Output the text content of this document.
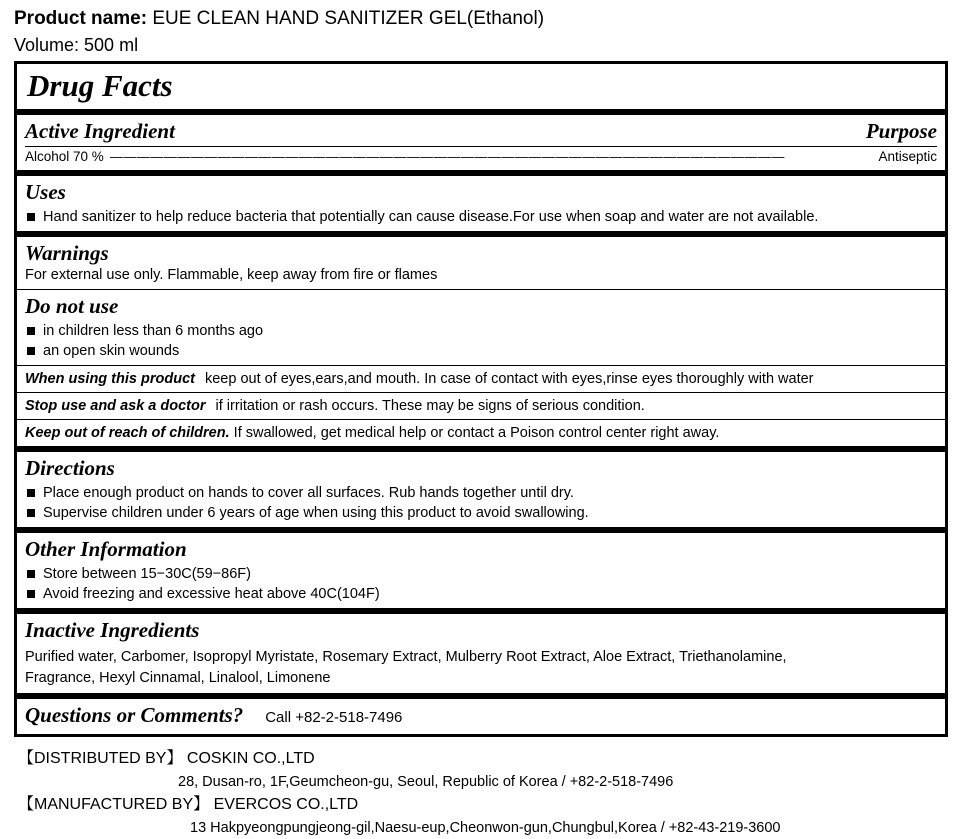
Product name: EUE CLEAN HAND SANITIZER GEL(Ethanol)
Volume: 500 ml
Drug Facts
Active Ingredient	Purpose
Alcohol 70 % ——————————————————————————————————————————————————	Antiseptic
Uses
Hand sanitizer to help reduce bacteria that potentially can cause disease.For use when soap and water are not available.
Warnings
For external use only. Flammable, keep away from fire or flames
Do not use
in children less than 6 months ago
an open skin wounds
When using this product keep out of eyes,ears,and mouth. In case of contact with eyes,rinse eyes thoroughly with water
Stop use and ask a doctor if irritation or rash occurs. These may be signs of serious condition.
Keep out of reach of children. If swallowed, get medical help or contact a Poison control center right away.
Directions
Place enough product on hands to cover all surfaces. Rub hands together until dry.
Supervise children under 6 years of age when using this product to avoid swallowing.
Other Information
Store between 15−30C(59−86F)
Avoid freezing and excessive heat above 40C(104F)
Inactive Ingredients
Purified water, Carbomer, Isopropyl Myristate, Rosemary Extract, Mulberry Root Extract, Aloe Extract, Triethanolamine,
Fragrance, Hexyl Cinnamal, Linalool, Limonene
Questions or Comments? Call +82-2-518-7496
【DISTRIBUTED BY】 COSKIN CO.,LTD
28, Dusan-ro, 1F,Geumcheon-gu, Seoul, Republic of Korea / +82-2-518-7496
【MANUFACTURED BY】 EVERCOS CO.,LTD
13 Hakpyeongpungjeong-gil,Naesu-eup,Cheonwon-gun,Chungbul,Korea / +82-43-219-3600
